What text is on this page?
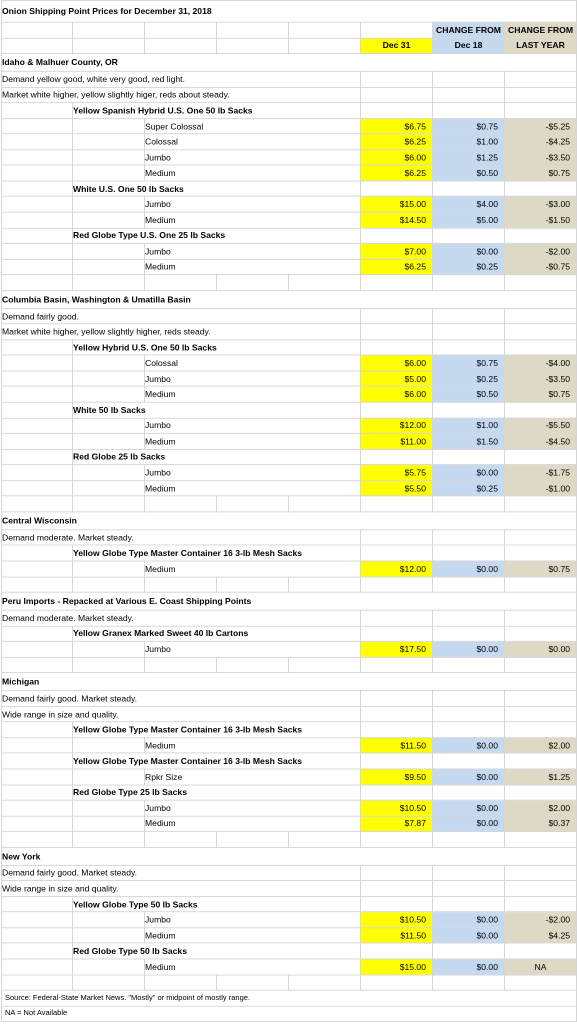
Onion Shipping Point Prices for December 31, 2018							
						CHANGE FROM	CHANGE FROM
					Dec 31	Dec 18	LAST YEAR
Idaho & Malhuer County, OR							
Demand yellow good, white very good, red light.							
Market white higher, yellow slightly higer, reds about steady.							
	Yellow Spanish Hybrid U.S. One 50 lb Sacks						
		Super Colossal			$6.75	$0.75	-$5.25
		Colossal			$6.25	$1.00	-$4.25
		Jumbo			$6.00	$1.25	-$3.50
		Medium			$6.25	$0.50	$0.75
	White U.S. One 50 lb Sacks						
		Jumbo			$15.00	$4.00	-$3.00
		Medium			$14.50	$5.00	-$1.50
	Red Globe Type U.S. One 25 lb Sacks						
		Jumbo			$7.00	$0.00	-$2.00
		Medium			$6.25	$0.25	-$0.75

Columbia Basin, Washington & Umatilla Basin							
Demand fairly good.							
Market white higher, yellow slightly higher, reds steady.							
	Yellow Hybrid U.S. One 50 lb Sacks						
		Colossal			$6.00	$0.75	-$4.00
		Jumbo			$5.00	$0.25	-$3.50
		Medium			$6.00	$0.50	$0.75
	White 50 lb Sacks						
		Jumbo			$12.00	$1.00	-$5.50
		Medium			$11.00	$1.50	-$4.50
	Red Globe 25 lb Sacks						
		Jumbo			$5.75	$0.00	-$1.75
		Medium			$5.50	$0.25	-$1.00

Central Wisconsin							
Demand moderate. Market steady.							
	Yellow Globe Type Master Container 16 3-lb Mesh Sacks						
		Medium			$12.00	$0.00	$0.75

Peru Imports - Repacked at Various E. Coast Shipping Points							
Demand moderate. Market steady.							
	Yellow Granex Marked Sweet 40 lb Cartons						
		Jumbo			$17.50	$0.00	$0.00

Michigan							
Demand fairly good. Market steady.							
Wide range in size and quality.							
	Yellow Globe Type Master Container 16 3-lb Mesh Sacks						
		Medium			$11.50	$0.00	$2.00
	Yellow Globe Type Master Container 16 3-lb Mesh Sacks						
		Rpkr Size			$9.50	$0.00	$1.25
	Red Globe Type 25 lb Sacks						
		Jumbo			$10.50	$0.00	$2.00
		Medium			$7.87	$0.00	$0.37

New York							
Demand fairly good. Market steady.							
Wide range in size and quality.							
	Yellow Globe Type 50 lb Sacks						
		Jumbo			$10.50	$0.00	-$2.00
		Medium			$11.50	$0.00	$4.25
	Red Globe Type 50 lb Sacks						
		Medium			$15.00	$0.00	NA

Source: Federal-State Market News. "Mostly" or midpoint of mostly range.							
NA = Not Available							
